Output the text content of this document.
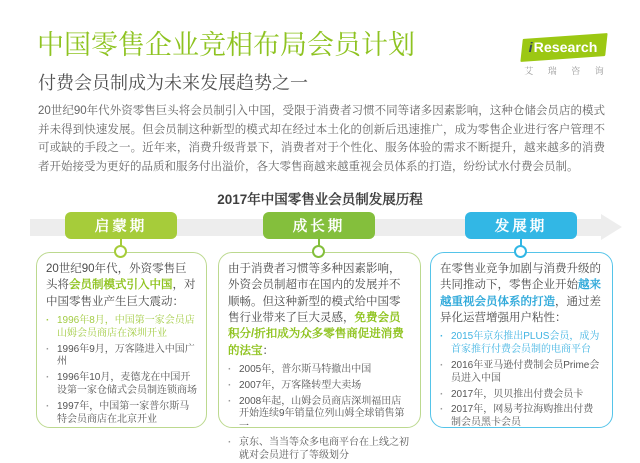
中国零售企业竞相布局会员计划
付费会员制成为未来发展趋势之一
iResearch
艾 瑞 咨 询
20世纪90年代外资零售巨头将会员制引入中国，受限于消费者习惯不同等诸多因素影响，这种仓储会员店的模式并未得到快速发展。但会员制这种新型的模式却在经过本土化的创新后迅速推广，成为零售企业进行客户管理不可或缺的手段之一。近年来，消费升级背景下，消费者对于个性化、服务体验的需求不断提升，越来越多的消费者开始接受为更好的品质和服务付出溢价，各大零售商越来越重视会员体系的打造，纷纷试水付费会员制。
2017年中国零售业会员制发展历程
启蒙期	成长期	发展期
20世纪90年代，外资零售巨头将会员制模式引入中国，对中国零售业产生巨大震动：
· 1996年8月，中国第一家会员店山姆会员商店在深圳开业
· 1996年9月，万客隆进入中国广州
· 1996年10月，麦德龙在中国开设第一家仓储式会员制连锁商场
· 1997年，中国第一家普尔斯马特会员商店在北京开业
由于消费者习惯等多种因素影响，外资会员制超市在国内的发展并不顺畅。但这种新型的模式给中国零售行业带来了巨大灵感，免费会员积分/折扣成为众多零售商促进消费的法宝：
· 2005年，普尔斯马特撤出中国
· 2007年，万客隆转型大卖场
· 2008年起，山姆会员商店深圳福田店开始连续9年销量位列山姆全球销售第一
· 京东、当当等众多电商平台在上线之初就对会员进行了等级划分
在零售业竞争加剧与消费升级的共同推动下，零售企业开始越来越重视会员体系的打造，通过差异化运营增强用户粘性：
· 2015年京东推出PLUS会员，成为首家推行付费会员制的电商平台
· 2016年亚马逊付费制会员Prime会员进入中国
· 2017年，贝贝推出付费会员卡
· 2017年，网易考拉海购推出付费制会员黑卡会员
